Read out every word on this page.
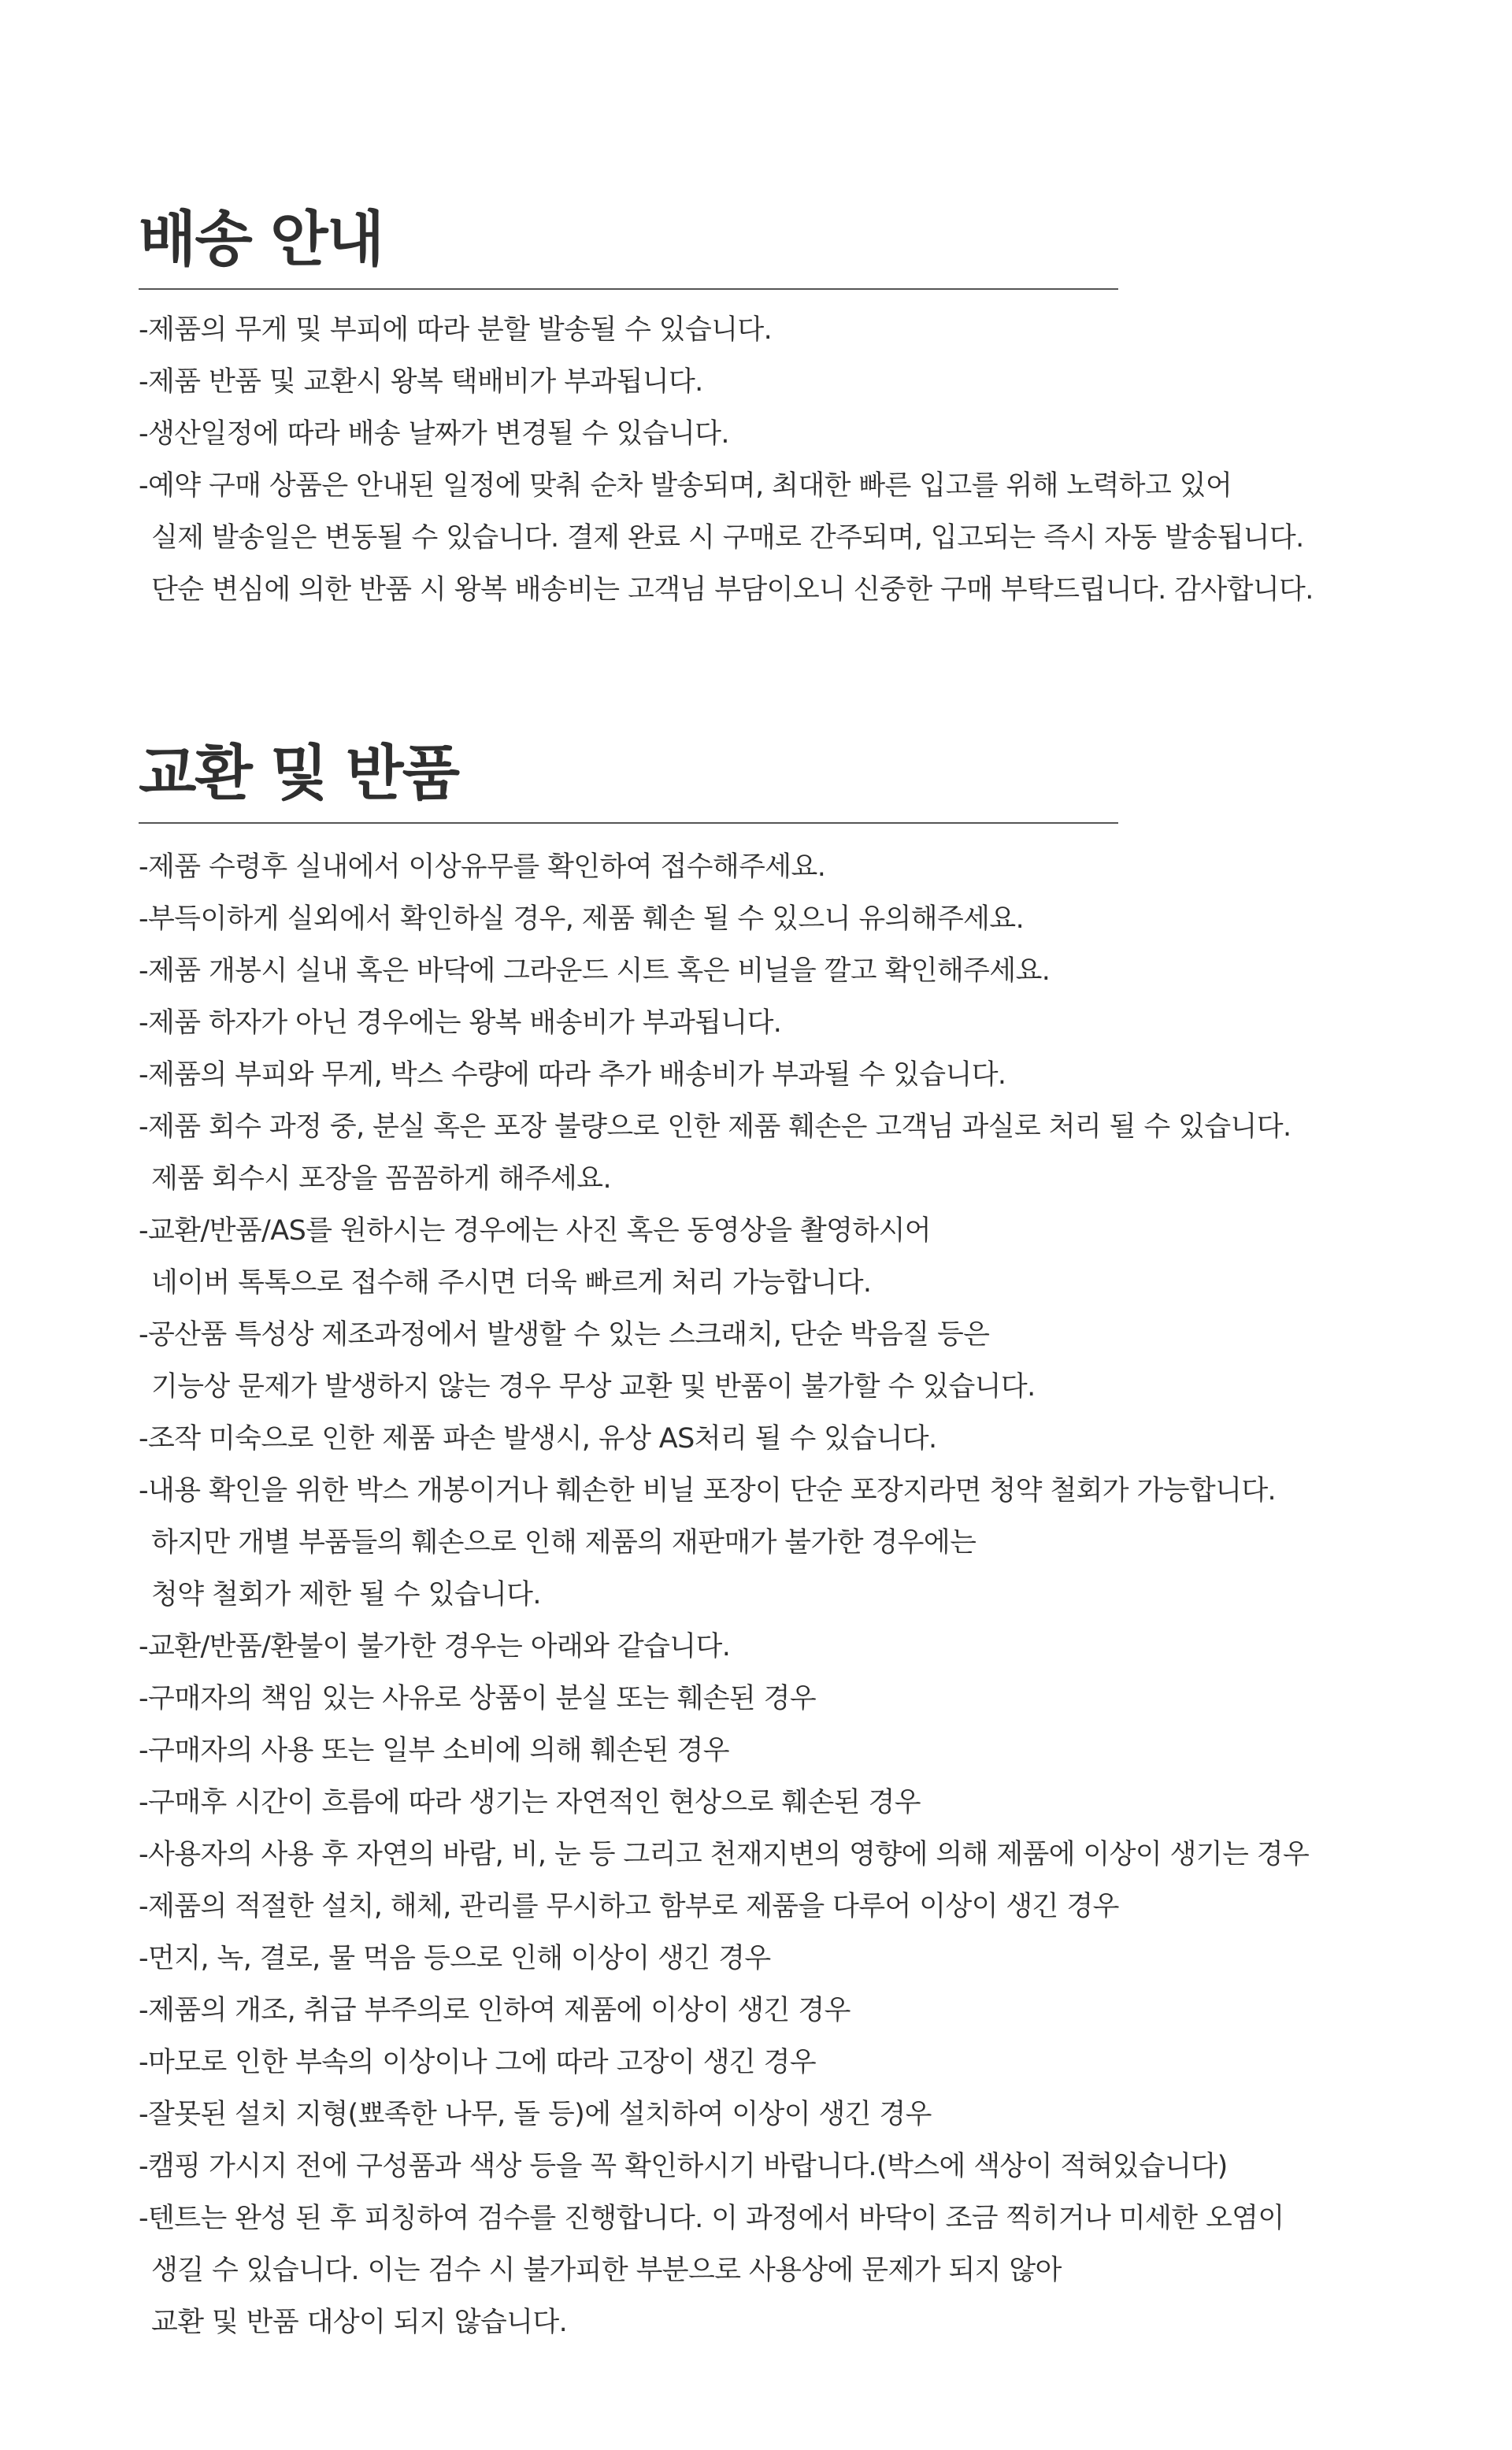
배송 안내
-제품의 무게 및 부피에 따라 분할 발송될 수 있습니다.
-제품 반품 및 교환시 왕복 택배비가 부과됩니다.
-생산일정에 따라 배송 날짜가 변경될 수 있습니다.
-예약 구매 상품은 안내된 일정에 맞춰 순차 발송되며, 최대한 빠른 입고를 위해 노력하고 있어
실제 발송일은 변동될 수 있습니다. 결제 완료 시 구매로 간주되며, 입고되는 즉시 자동 발송됩니다.
단순 변심에 의한 반품 시 왕복 배송비는 고객님 부담이오니 신중한 구매 부탁드립니다. 감사합니다.
교환 및 반품
-제품 수령후 실내에서 이상유무를 확인하여 접수해주세요.
-부득이하게 실외에서 확인하실 경우, 제품 훼손 될 수 있으니 유의해주세요.
-제품 개봉시 실내 혹은 바닥에 그라운드 시트 혹은 비닐을 깔고 확인해주세요.
-제품 하자가 아닌 경우에는 왕복 배송비가 부과됩니다.
-제품의 부피와 무게, 박스 수량에 따라 추가 배송비가 부과될 수 있습니다.
-제품 회수 과정 중, 분실 혹은 포장 불량으로 인한 제품 훼손은 고객님 과실로 처리 될 수 있습니다.
제품 회수시 포장을 꼼꼼하게 해주세요.
-교환/반품/AS를 원하시는 경우에는 사진 혹은 동영상을 촬영하시어
네이버 톡톡으로 접수해 주시면 더욱 빠르게 처리 가능합니다.
-공산품 특성상 제조과정에서 발생할 수 있는 스크래치, 단순 박음질 등은
기능상 문제가 발생하지 않는 경우 무상 교환 및 반품이 불가할 수 있습니다.
-조작 미숙으로 인한 제품 파손 발생시, 유상 AS처리 될 수 있습니다.
-내용 확인을 위한 박스 개봉이거나 훼손한 비닐 포장이 단순 포장지라면 청약 철회가 가능합니다.
하지만 개별 부품들의 훼손으로 인해 제품의 재판매가 불가한 경우에는
청약 철회가 제한 될 수 있습니다.
-교환/반품/환불이 불가한 경우는 아래와 같습니다.
-구매자의 책임 있는 사유로 상품이 분실 또는 훼손된 경우
-구매자의 사용 또는 일부 소비에 의해 훼손된 경우
-구매후 시간이 흐름에 따라 생기는 자연적인 현상으로 훼손된 경우
-사용자의 사용 후 자연의 바람, 비, 눈 등 그리고 천재지변의 영향에 의해 제품에 이상이 생기는 경우
-제품의 적절한 설치, 해체, 관리를 무시하고 함부로 제품을 다루어 이상이 생긴 경우
-먼지, 녹, 결로, 물 먹음 등으로 인해 이상이 생긴 경우
-제품의 개조, 취급 부주의로 인하여 제품에 이상이 생긴 경우
-마모로 인한 부속의 이상이나 그에 따라 고장이 생긴 경우
-잘못된 설치 지형(뾰족한 나무, 돌 등)에 설치하여 이상이 생긴 경우
-캠핑 가시지 전에 구성품과 색상 등을 꼭 확인하시기 바랍니다.(박스에 색상이 적혀있습니다)
-텐트는 완성 된 후 피칭하여 검수를 진행합니다. 이 과정에서 바닥이 조금 찍히거나 미세한 오염이
생길 수 있습니다. 이는 검수 시 불가피한 부분으로 사용상에 문제가 되지 않아
교환 및 반품 대상이 되지 않습니다.
